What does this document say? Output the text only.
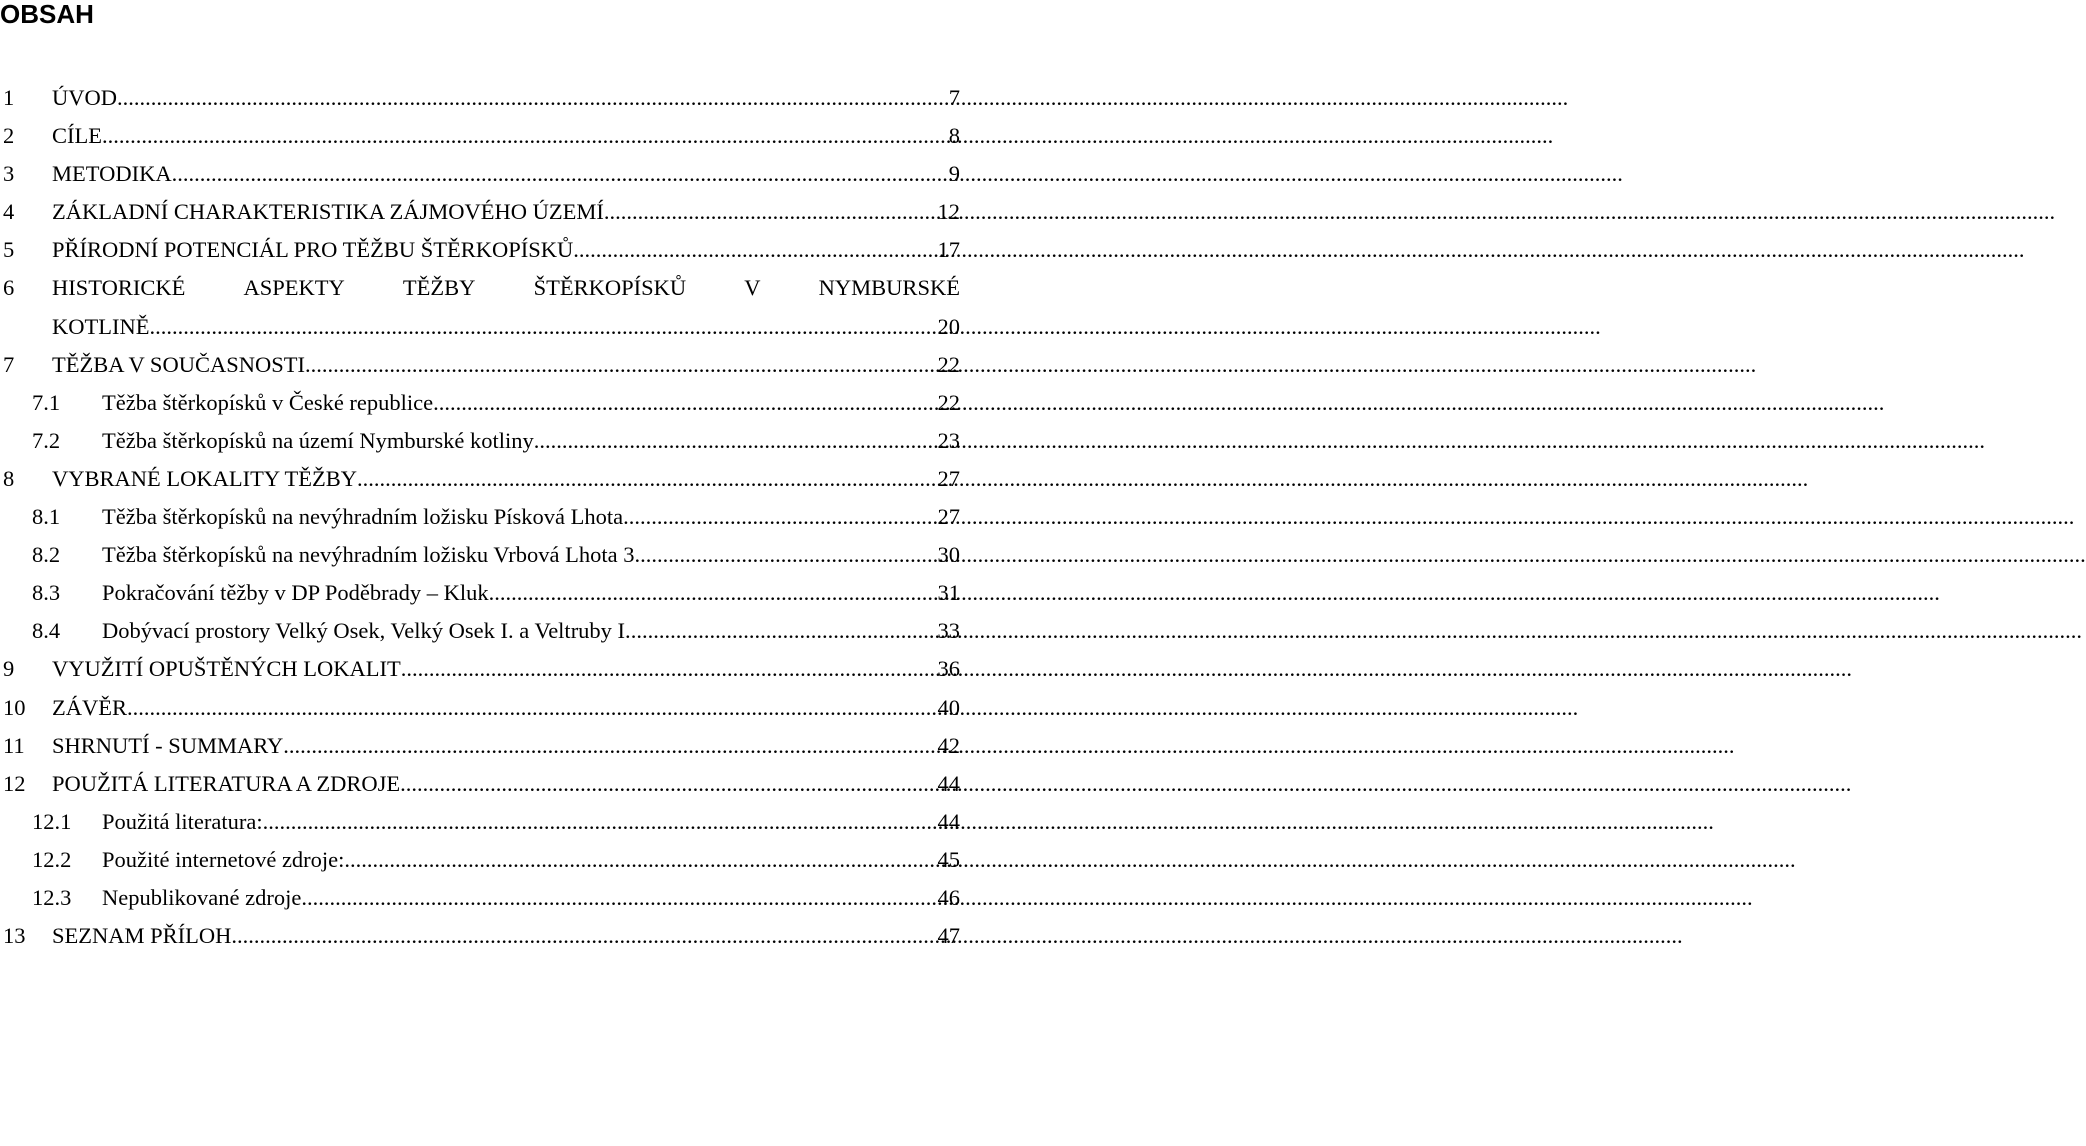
OBSAH
1	ÚVOD .....	7
2	CÍLE .....	8
3	METODIKA .....	9
4	ZÁKLADNÍ CHARAKTERISTIKA ZÁJMOVÉHO ÚZEMÍ .....	12
5	PŘÍRODNÍ POTENCIÁL PRO TĚŽBU ŠTĚRKOPÍSKŮ .....	17
6	HISTORICKÉ	ASPEKTY	TĚŽBY	ŠTĚRKOPÍSKŮ	V	NYMBURSKÉ
KOTLINĚ .....	20
7	TĚŽBA V SOUČASNOSTI .....	22
7.1	Těžba štěrkopísků v České republice .....	22
7.2	Těžba štěrkopísků na území Nymburské kotliny .....	23
8	VYBRANÉ LOKALITY TĚŽBY .....	27
8.1	Těžba štěrkopísků na nevýhradním ložisku Písková Lhota .....	27
8.2	Těžba štěrkopísků na nevýhradním ložisku Vrbová Lhota 3 .....	30
8.3	Pokračování těžby v DP Poděbrady – Kluk .....	31
8.4	Dobývací prostory Velký Osek, Velký Osek I. a Veltruby I. .....	33
9	VYUŽITÍ OPUŠTĚNÝCH LOKALIT .....	36
10	ZÁVĚR .....	40
11	SHRNUTÍ - SUMMARY .....	42
12	POUŽITÁ LITERATURA A ZDROJE .....	44
12.1	Použitá literatura: .....	44
12.2	Použité internetové zdroje: .....	45
12.3	Nepublikované zdroje .....	46
13	SEZNAM PŘÍLOH .....	47
